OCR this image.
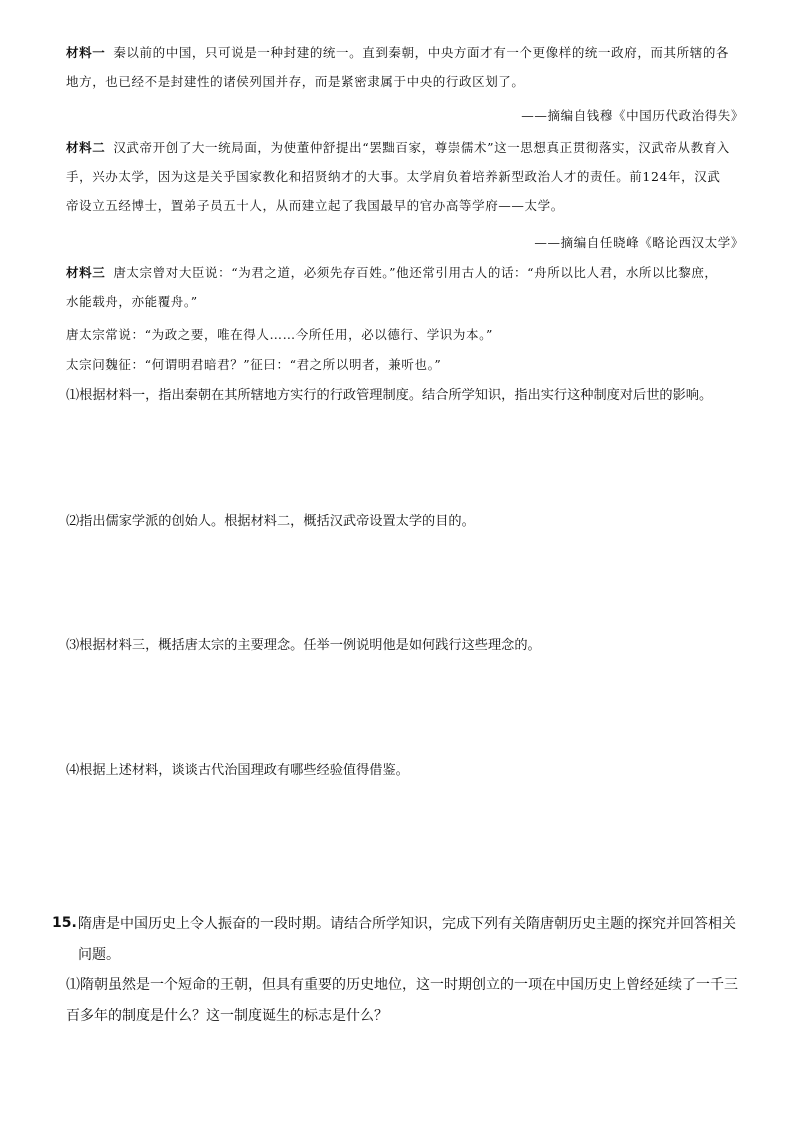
材料一 秦以前的中国，只可说是一种封建的统一。直到秦朝，中央方面才有一个更像样的统一政府，而其所辖的各地方，也已经不是封建性的诸侯列国并存，而是紧密隶属于中央的行政区划了。
——摘编自钱穆《中国历代政治得失》
材料二 汉武帝开创了大一统局面，为使董仲舒提出“罢黜百家，尊崇儒术”这一思想真正贯彻落实，汉武帝从教育入手，兴办太学，因为这是关乎国家教化和招贤纳才的大事。太学肩负着培养新型政治人才的责任。前124年，汉武帝设立五经博士，置弟子员五十人，从而建立起了我国最早的官办高等学府——太学。
——摘编自任晓峰《略论西汉太学》
材料三 唐太宗曾对大臣说：“为君之道，必须先存百姓。”他还常引用古人的话：“舟所以比人君，水所以比黎庶，水能载舟，亦能覆舟。”
唐太宗常说：“为政之要，唯在得人……今所任用，必以德行、学识为本。”
太宗问魏征：“何谓明君暗君？”征曰：“君之所以明者，兼听也。”
⑴根据材料一，指出秦朝在其所辖地方实行的行政管理制度。结合所学知识，指出实行这种制度对后世的影响。
⑵指出儒家学派的创始人。根据材料二，概括汉武帝设置太学的目的。
⑶根据材料三，概括唐太宗的主要理念。任举一例说明他是如何践行这些理念的。
⑷根据上述材料，谈谈古代治国理政有哪些经验值得借鉴。
15. 隋唐是中国历史上令人振奋的一段时期。请结合所学知识，完成下列有关隋唐朝历史主题的探究并回答相关问题。
⑴隋朝虽然是一个短命的王朝，但具有重要的历史地位，这一时期创立的一项在中国历史上曾经延续了一千三百多年的制度是什么？这一制度诞生的标志是什么？
